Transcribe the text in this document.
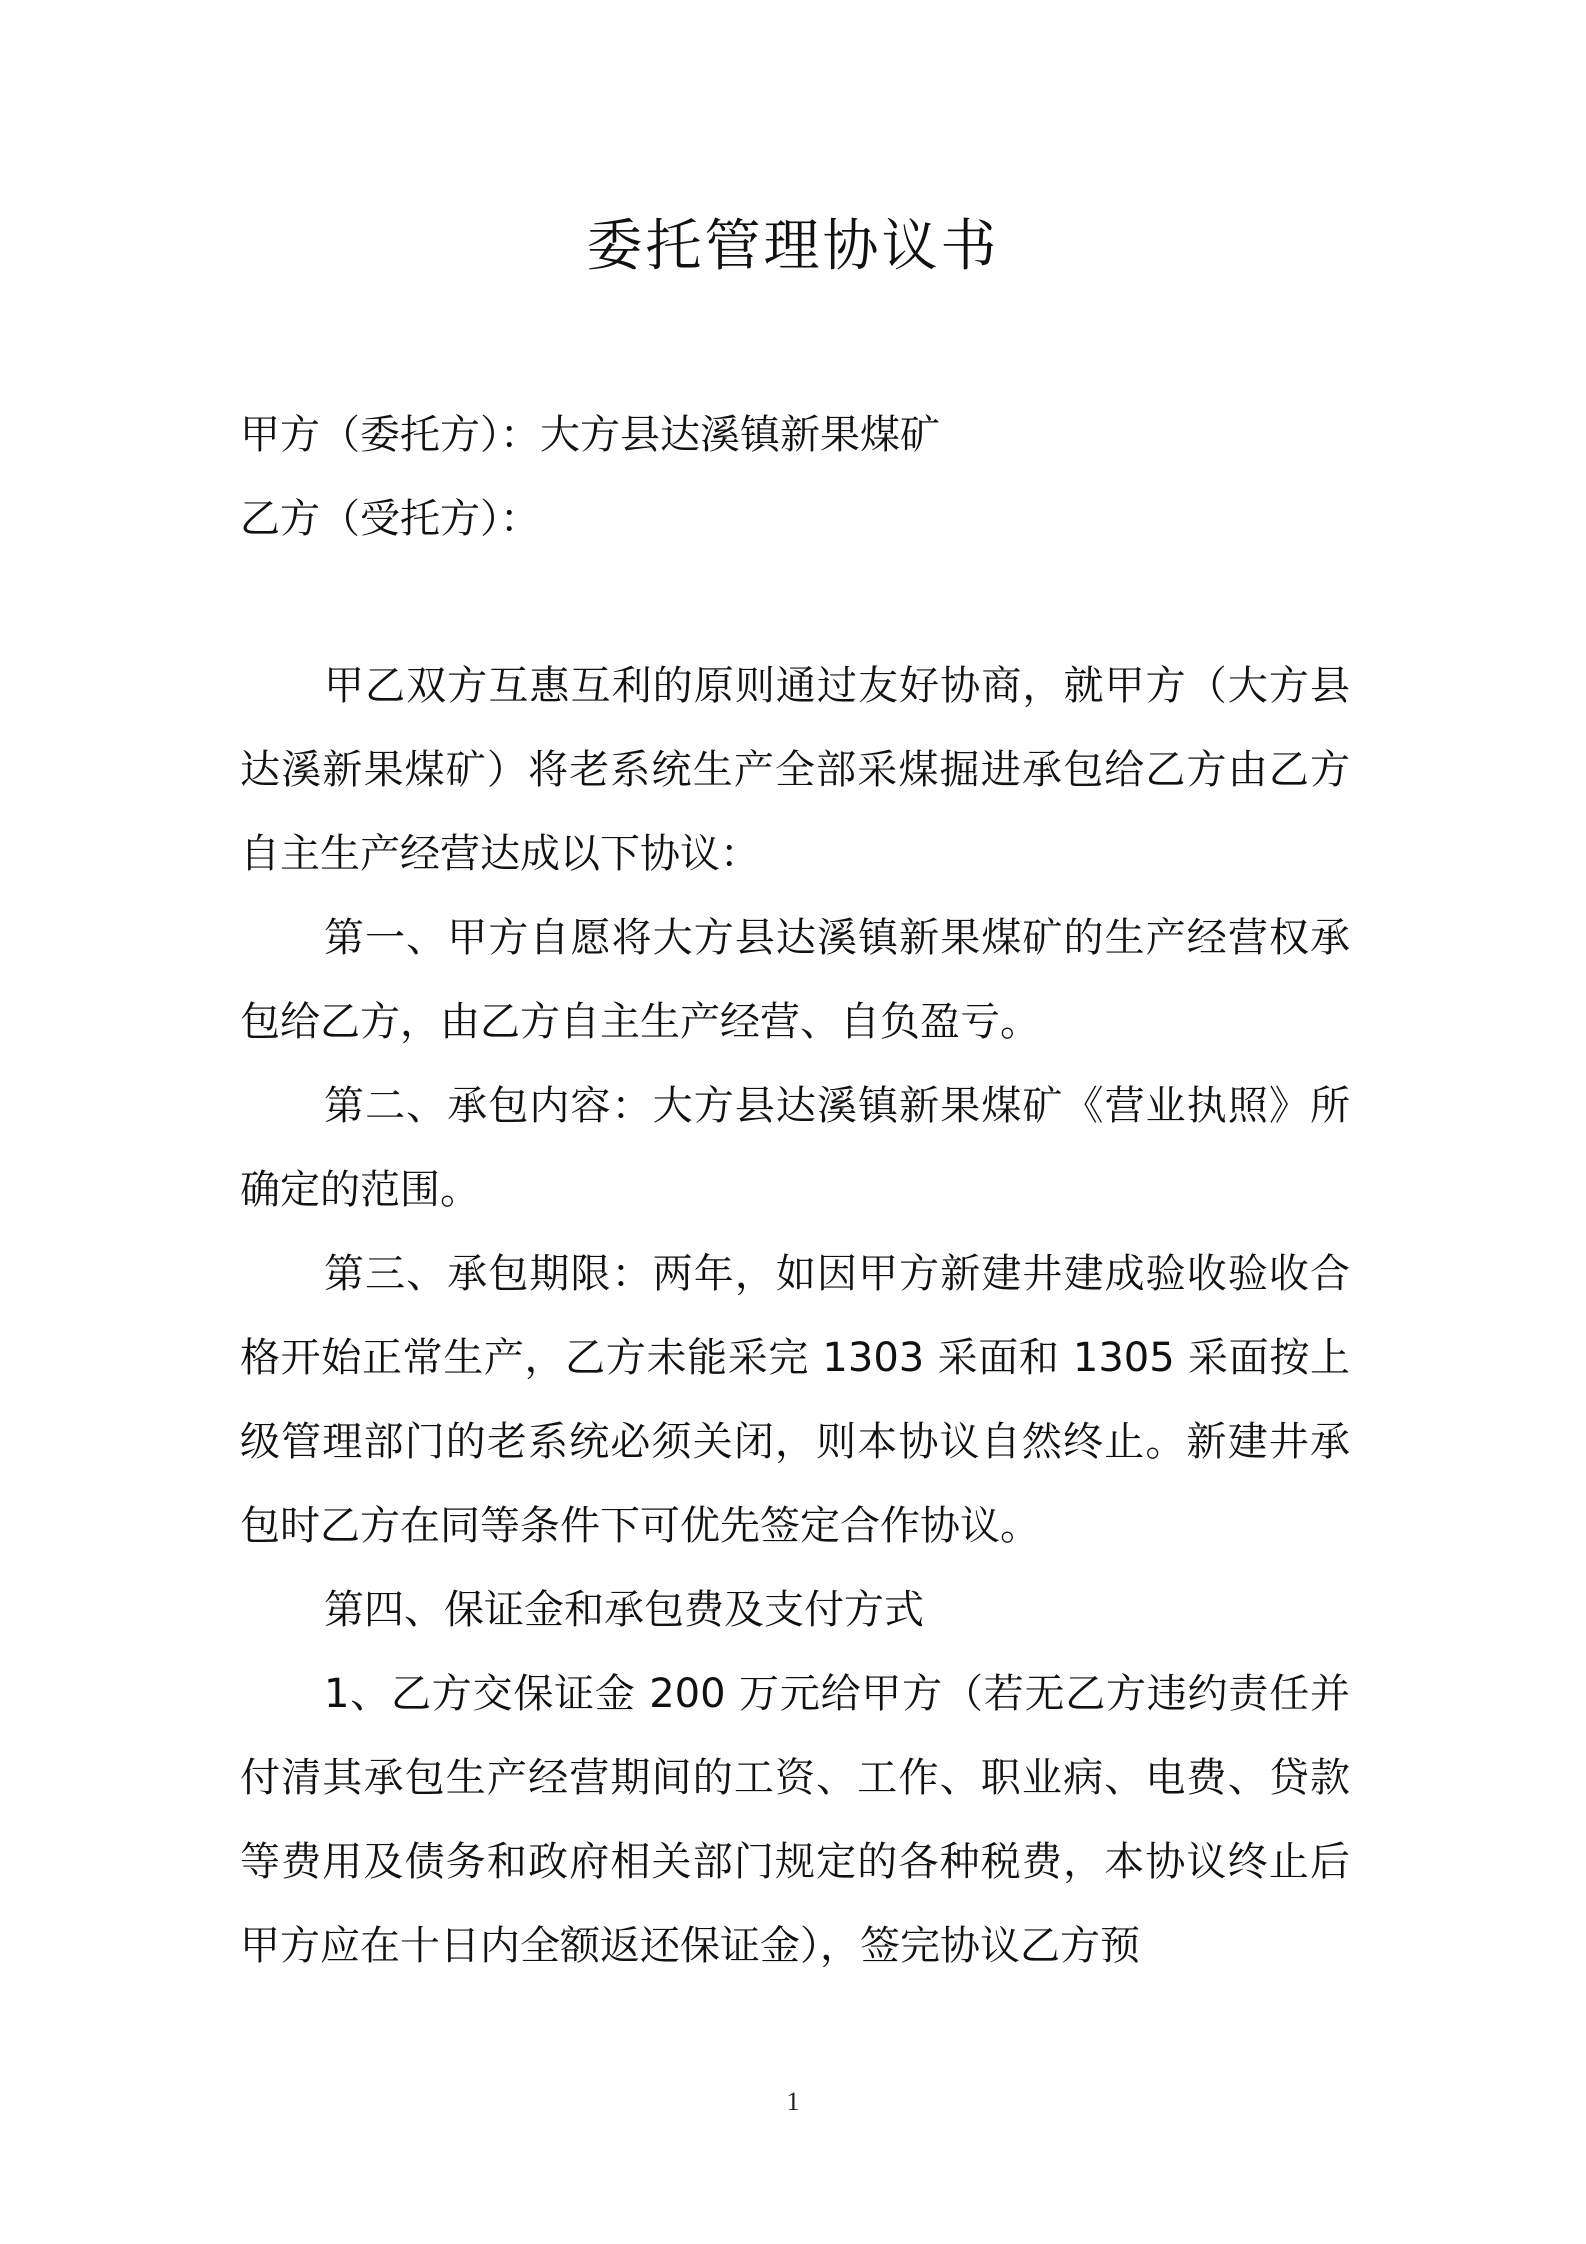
委托管理协议书
甲方（委托方）：大方县达溪镇新果煤矿
乙方（受托方）：

甲乙双方互惠互利的原则通过友好协商，就甲方（大方县达溪新果煤矿）将老系统生产全部采煤掘进承包给乙方由乙方自主生产经营达成以下协议：

第一、甲方自愿将大方县达溪镇新果煤矿的生产经营权承包给乙方，由乙方自主生产经营、自负盈亏。

第二、承包内容：大方县达溪镇新果煤矿《营业执照》所确定的范围。

第三、承包期限：两年，如因甲方新建井建成验收验收合格开始正常生产，乙方未能采完 1303 采面和 1305 采面按上级管理部门的老系统必须关闭，则本协议自然终止。新建井承包时乙方在同等条件下可优先签定合作协议。

第四、保证金和承包费及支付方式

1、乙方交保证金 200 万元给甲方（若无乙方违约责任并付清其承包生产经营期间的工资、工作、职业病、电费、贷款等费用及债务和政府相关部门规定的各种税费，本协议终止后甲方应在十日内全额返还保证金），签完协议乙方预

1
